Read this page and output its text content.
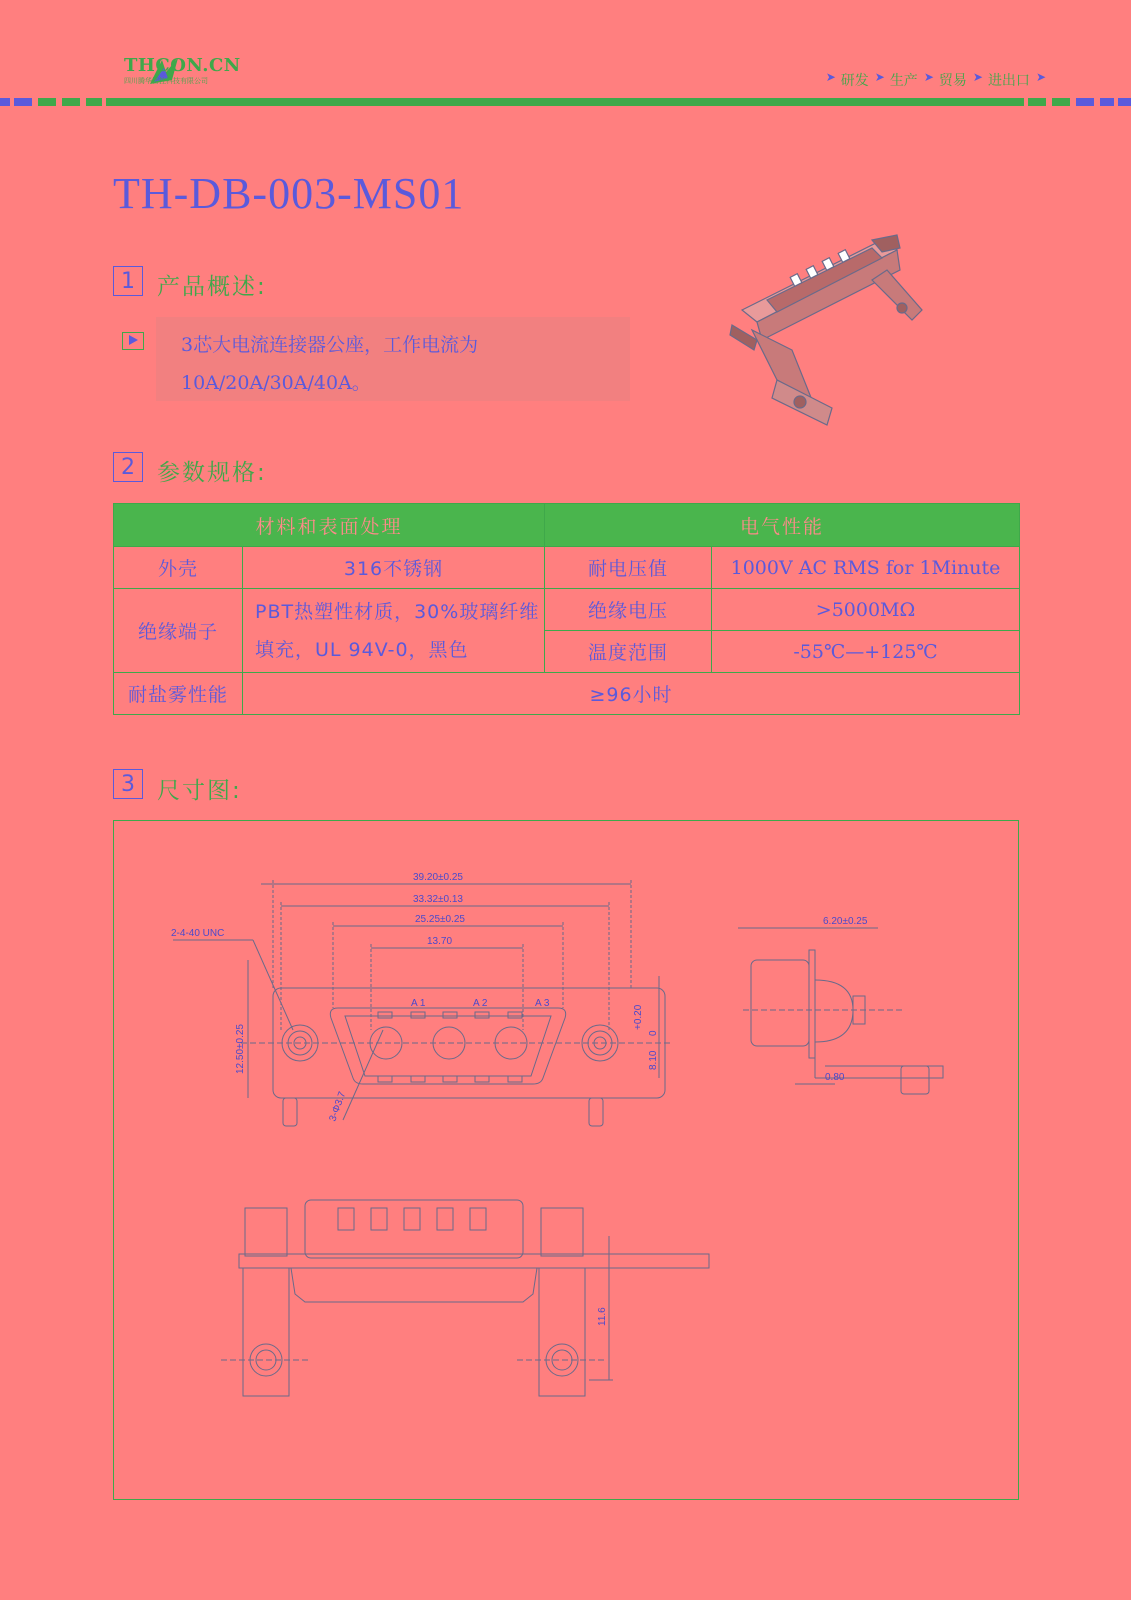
THCON.CN
四川腾华智控科技有限公司	➤ 研发 ➤ 生产 ➤ 贸易 ➤ 进出口 ➤
TH-DB-003-MS01
1 产品概述:
3芯大电流连接器公座，工作电流为10A/20A/30A/40A。
2 参数规格:
材料和表面处理		电气性能	
外壳	316不锈钢	耐电压值	1000V AC RMS for 1Minute
绝缘端子	PBT热塑性材质，30%玻璃纤维填充，UL 94V-0，黑色	绝缘电压	>5000MΩ
		温度范围	-55℃—+125℃
耐盐雾性能	≥96小时		
3 尺寸图:
39.20±0.25
33.32±0.13
25.25±0.25
13.70
2-4-40 UNC
A 1	A 2	A 3
12.50±0.25
+0.20
0
8.10
3-Φ3.7
6.20±0.25
0.80
11.6
